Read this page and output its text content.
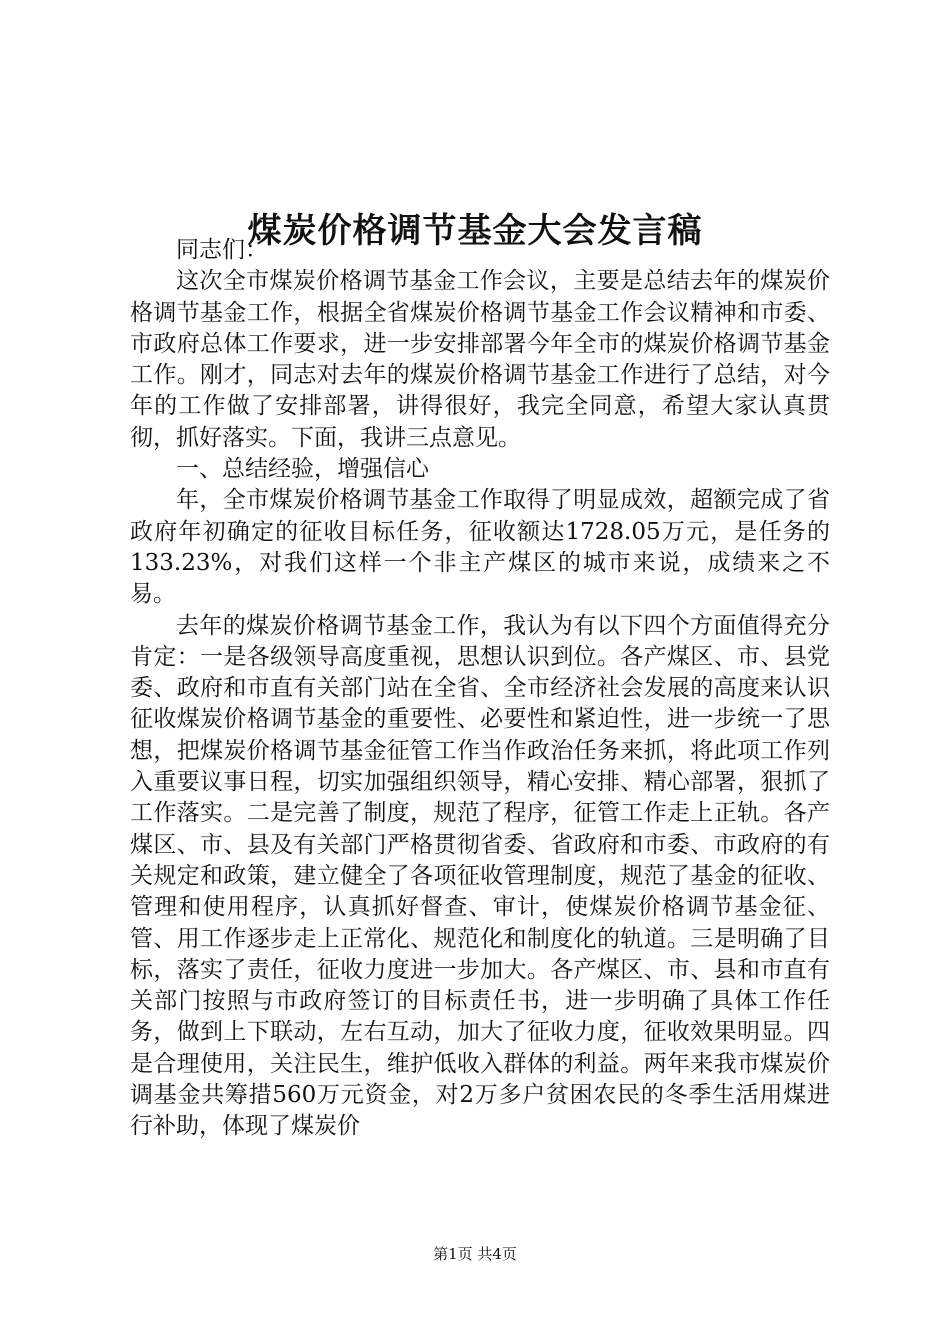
煤炭价格调节基金大会发言稿

同志们：

这次全市煤炭价格调节基金工作会议，主要是总结去年的煤炭价格调节基金工作，根据全省煤炭价格调节基金工作会议精神和市委、市政府总体工作要求，进一步安排部署今年全市的煤炭价格调节基金工作。刚才，同志对去年的煤炭价格调节基金工作进行了总结，对今年的工作做了安排部署，讲得很好，我完全同意，希望大家认真贯彻，抓好落实。下面，我讲三点意见。

一、总结经验，增强信心

年，全市煤炭价格调节基金工作取得了明显成效，超额完成了省政府年初确定的征收目标任务，征收额达1728.05万元，是任务的133.23%，对我们这样一个非主产煤区的城市来说，成绩来之不易。

去年的煤炭价格调节基金工作，我认为有以下四个方面值得充分肯定：一是各级领导高度重视，思想认识到位。各产煤区、市、县党委、政府和市直有关部门站在全省、全市经济社会发展的高度来认识征收煤炭价格调节基金的重要性、必要性和紧迫性，进一步统一了思想，把煤炭价格调节基金征管工作当作政治任务来抓，将此项工作列入重要议事日程，切实加强组织领导，精心安排、精心部署，狠抓了工作落实。二是完善了制度，规范了程序，征管工作走上正轨。各产煤区、市、县及有关部门严格贯彻省委、省政府和市委、市政府的有关规定和政策，建立健全了各项征收管理制度，规范了基金的征收、管理和使用程序，认真抓好督查、审计，使煤炭价格调节基金征、管、用工作逐步走上正常化、规范化和制度化的轨道。三是明确了目标，落实了责任，征收力度进一步加大。各产煤区、市、县和市直有关部门按照与市政府签订的目标责任书，进一步明确了具体工作任务，做到上下联动，左右互动，加大了征收力度，征收效果明显。四是合理使用，关注民生，维护低收入群体的利益。两年来我市煤炭价调基金共筹措560万元资金，对2万多户贫困农民的冬季生活用煤进行补助，体现了煤炭价

第1页 共4页
